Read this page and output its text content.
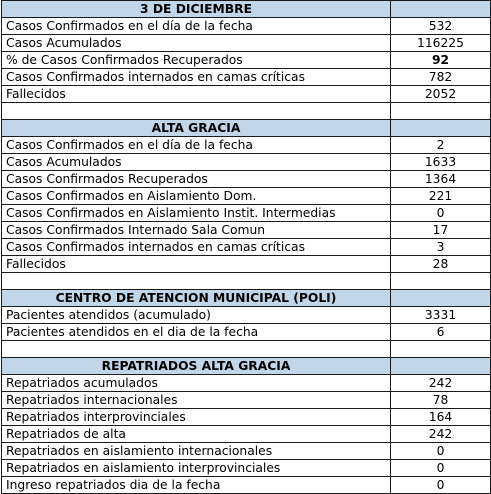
3 DE DICIEMBRE	
Casos Confirmados en el día de la fecha	532
Casos Acumulados	116225
% de Casos Confirmados Recuperados	92
Casos Confirmados internados en camas críticas	782
Fallecidos	2052

ALTA GRACIA	
Casos Confirmados en el día de la fecha	2
Casos Acumulados	1633
Casos Confirmados Recuperados	1364
Casos Confirmados en Aislamiento Dom.	221
Casos Confirmados en Aislamiento Instit. Intermedias	0
Casos Confirmados Internado Sala Comun	17
Casos Confirmados internados en camas críticas	3
Fallecidos	28

CENTRO DE ATENCION MUNICIPAL (POLI)	
Pacientes atendidos (acumulado)	3331
Pacientes atendidos en el dia de la fecha	6

REPATRIADOS ALTA GRACIA	
Repatriados acumulados	242
Repatriados internacionales	78
Repatriados interprovinciales	164
Repatriados de alta	242
Repatriados en aislamiento internacionales	0
Repatriados en aislamiento interprovinciales	0
Ingreso repatriados dia de la fecha	0
